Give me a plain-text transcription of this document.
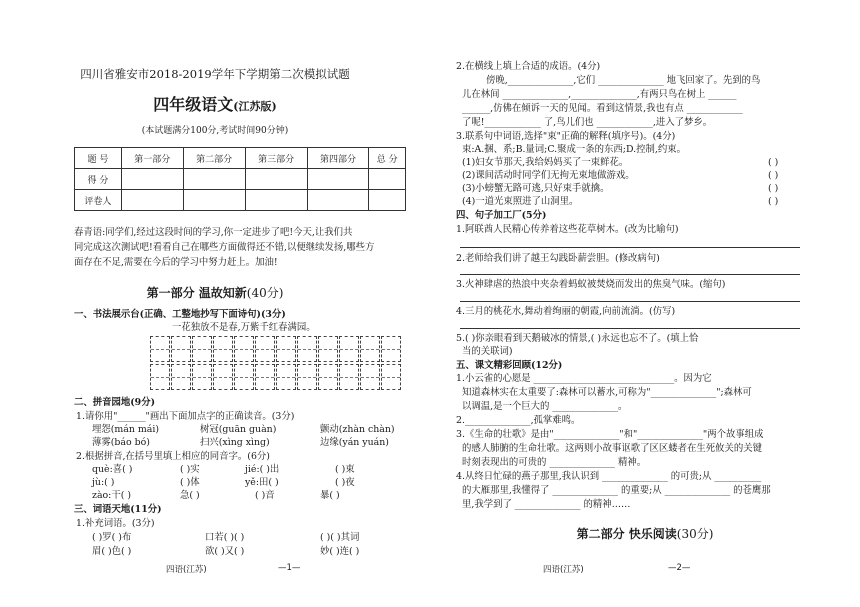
四川省雅安市2018-2019学年下学期第二次模拟试题
四年级语文(江苏版)
(本试题满分100分,考试时间90分钟)
题 号	第一部分	第二部分	第三部分	第四部分	总 分
得 分					
评卷人					
春青语:同学们,经过这段时间的学习,你一定进步了吧!今天,让我们共
同完成这次测试吧!看看自己在哪些方面做得还不错,以便继续发扬,哪些方
面存在不足,需要在今后的学习中努力赶上。加油!
第一部分 温故知新(40分)
一、书法展示台(正确、工整地抄写下面诗句)(3分)
一花独放不是春,万紫千红春满园。
二、拼音园地(9分)
1.请你用"______"画出下面加点字的正确读音。(3分)
埋怨(mán mái)	树冠(guān guàn)	颤动(zhàn chàn)
薄雾(báo bó)	扫兴(xìng xìng)	边缘(yán yuán)
2.根据拼音,在括号里填上相应的同音字。(6分)
què:喜( )	( )实	jié:( )出	( )束
jù:( )	( )体	yě:田( )	( )夜
zào:干( )	急( )	( )音	暴( )
三、词语天地(11分)
1.补充词语。(3分)
( )罗( )布	口若( )( )	( )( )其词
眉( )色( )	欲( )又( )	妙( )连( )
四语(江苏)	—1—
2.在横线上填上合适的成语。(4分)
傍晚,______________,它们 ______________ 地飞回家了。先到的鸟
儿在林间 ______________,______________,有两只鸟在树上 ______
______,仿佛在倾诉一天的见闻。看到这情景,我也有点 ____________
了呢!____________ 了,鸟儿们也 ____________,进入了梦乡。
3.联系句中词语,选择"束"正确的解释(填序号)。(4分)
束:A.捆、系;B.量词;C.聚成一条的东西;D.控制,约束。
(1)妇女节那天,我给妈妈买了一束鲜花。	( )
(2)课间活动时同学们无拘无束地做游戏。	( )
(3)小螃蟹无路可逃,只好束手就擒。	( )
(4)一道光束照进了山洞里。	( )
四、句子加工厂(5分)
1.阿联酋人民精心传养着这些花草树木。(改为比喻句)
2.老师给我们讲了越王勾践卧薪尝胆。(修改病句)
3.火神肆虐的热浪中夹杂着蚂蚁被焚烧而发出的焦臭气味。(缩句)
4.三月的桃花水,舞动着绚丽的朝霞,向前流淌。(仿写)
5.( )你亲眼看到天鹅破冰的情景,( )永远也忘不了。(填上恰
当的关联词)
五、课文精彩回顾(12分)
1.小云雀的心愿是 ______________________________。因为它
知道森林实在太重要了:森林可以蓄水,可称为"______________";森林可
以调温,是一个巨大的 ______________。
2.______________,孤掌难鸣。
3.《生命的壮歌》是由"______________"和"______________"两个故事组成
的感人肺腑的生命壮歌。这两则小故事讴歌了区区蝼者在生死攸关的关键
时刻表现出的可贵的 ______________ 精神。
4.从终日忙碌的燕子那里,我认识到 ______________ 的可贵;从 __________
的大雁那里,我懂得了 ______________ 的重要;从 ______________ 的苍鹰那
里,我学到了 ______________ 的精神……
第二部分 快乐阅读(30分)
四语(江苏)	—2—
